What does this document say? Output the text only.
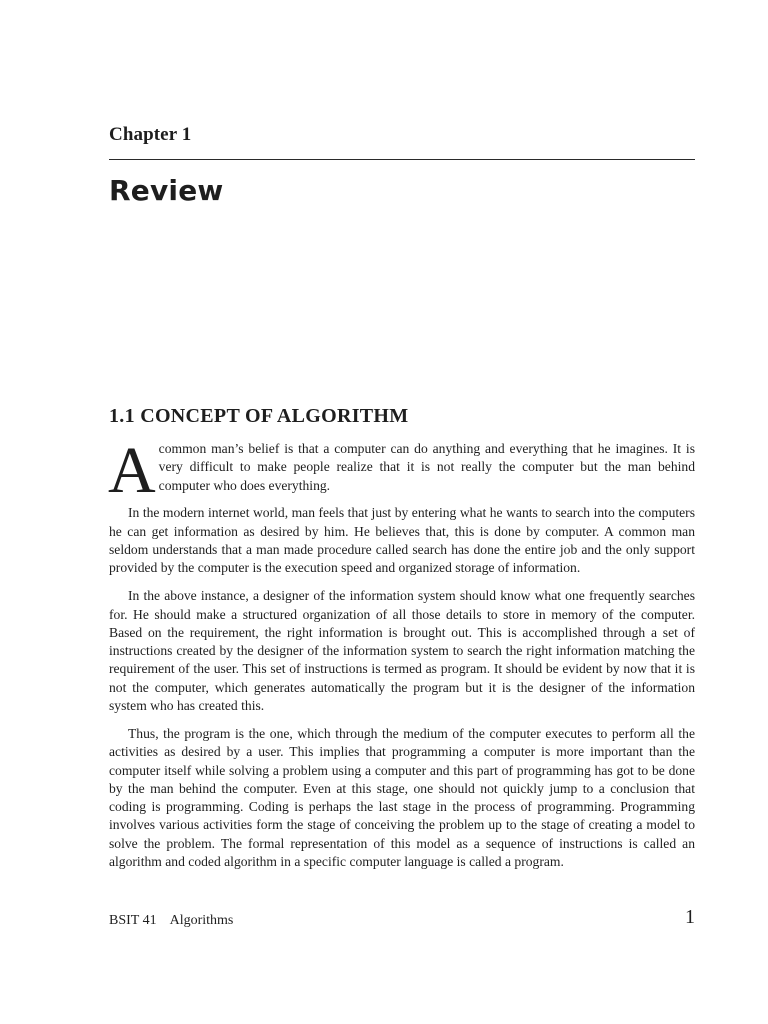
Chapter 1
Review
1.1 CONCEPT OF ALGORITHM

A common man’s belief is that a computer can do anything and everything that he imagines. It is very difficult to make people realize that it is not really the computer but the man behind computer who does everything.

In the modern internet world, man feels that just by entering what he wants to search into the computers he can get information as desired by him. He believes that, this is done by computer. A common man seldom understands that a man made procedure called search has done the entire job and the only support provided by the computer is the execution speed and organized storage of information.

In the above instance, a designer of the information system should know what one frequently searches for. He should make a structured organization of all those details to store in memory of the computer. Based on the requirement, the right information is brought out. This is accomplished through a set of instructions created by the designer of the information system to search the right information matching the requirement of the user. This set of instructions is termed as program. It should be evident by now that it is not the computer, which generates automatically the program but it is the designer of the information system who has created this.

Thus, the program is the one, which through the medium of the computer executes to perform all the activities as desired by a user. This implies that programming a computer is more important than the computer itself while solving a problem using a computer and this part of programming has got to be done by the man behind the computer. Even at this stage, one should not quickly jump to a conclusion that coding is programming. Coding is perhaps the last stage in the process of programming. Programming involves various activities form the stage of conceiving the problem up to the stage of creating a model to solve the problem. The formal representation of this model as a sequence of instructions is called an algorithm and coded algorithm in a specific computer language is called a program.

BSIT 41 Algorithms	1
